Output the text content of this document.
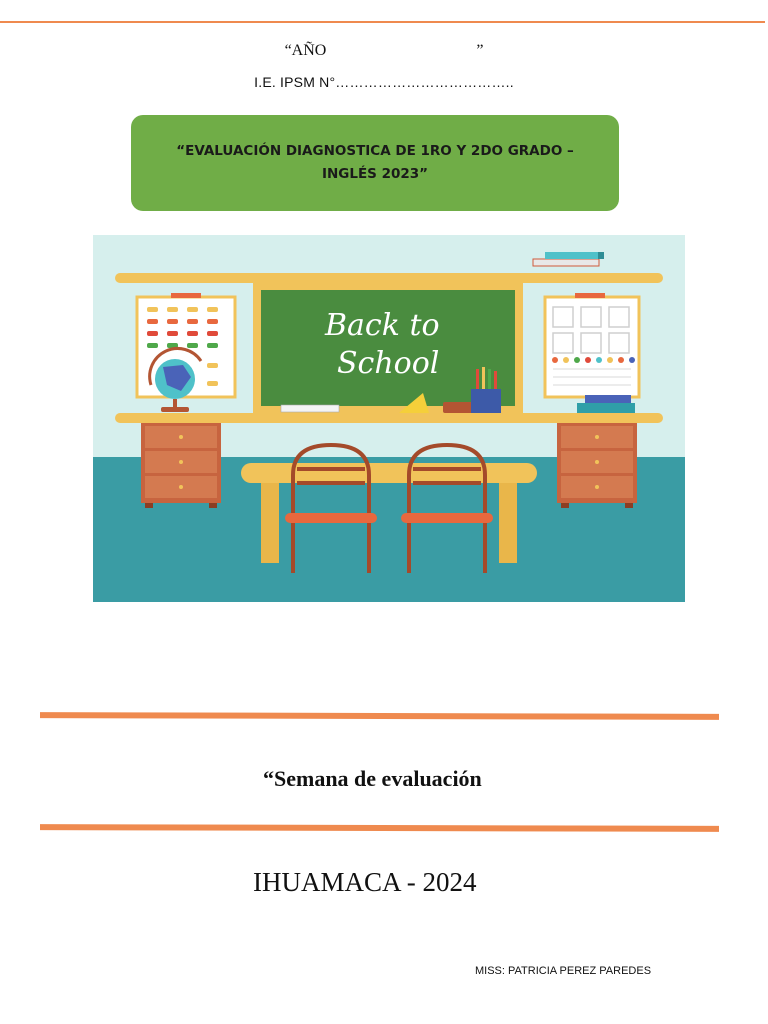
“AÑO	”
I.E. IPSM N°………………………………..
“EVALUACIÓN DIAGNOSTICA DE 1RO Y 2DO GRADO – INGLÉS 2023”
Back to
School
“Semana de evaluación
IHUAMACA - 2024
MISS: PATRICIA PEREZ PAREDES
